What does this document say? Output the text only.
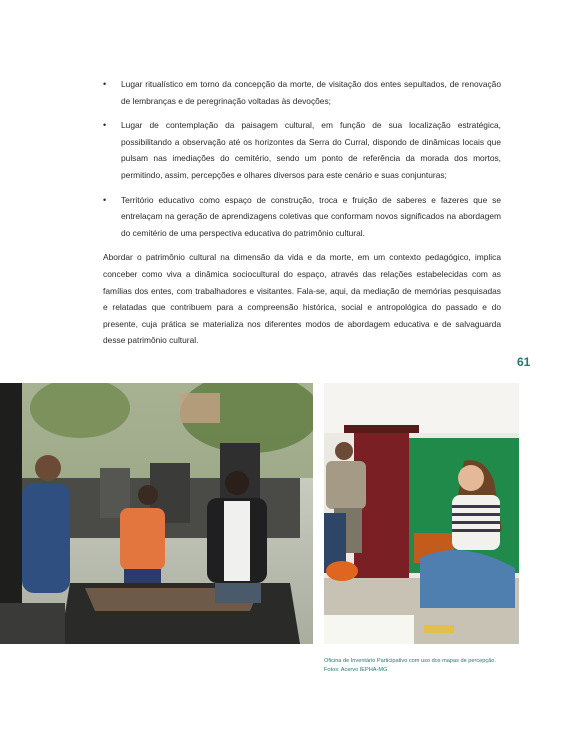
• Lugar ritualístico em torno da concepção da morte, de visitação dos entes sepultados, de renovação de lembranças e de peregrinação voltadas às devoções;
• Lugar de contemplação da paisagem cultural, em função de sua localização estratégica, possibilitando a observação até os horizontes da Serra do Curral, dispondo de dinâmicas locais que pulsam nas imediações do cemitério, sendo um ponto de referência da morada dos mortos, permitindo, assim, percepções e olhares diversos para este cenário e suas conjunturas;
• Território educativo como espaço de construção, troca e fruição de saberes e fazeres que se entrelaçam na geração de aprendizagens coletivas que conformam novos significados na abordagem do cemitério de uma perspectiva educativa do patrimônio cultural.

Abordar o patrimônio cultural na dimensão da vida e da morte, em um contexto pedagógico, implica conceber como viva a dinâmica sociocultural do espaço, através das relações estabelecidas com as famílias dos entes, com trabalhadores e visitantes. Fala-se, aqui, da mediação de memórias pesquisadas e relatadas que contribuem para a compreensão histórica, social e antropológica do passado e do presente, cuja prática se materializa nos diferentes modos de abordagem educativa e de salvaguarda desse patrimônio cultural.

61
Oficina de Inventário Participativo com uso dos mapas de percepção.
Fotos: Acervo IEPHA-MG
